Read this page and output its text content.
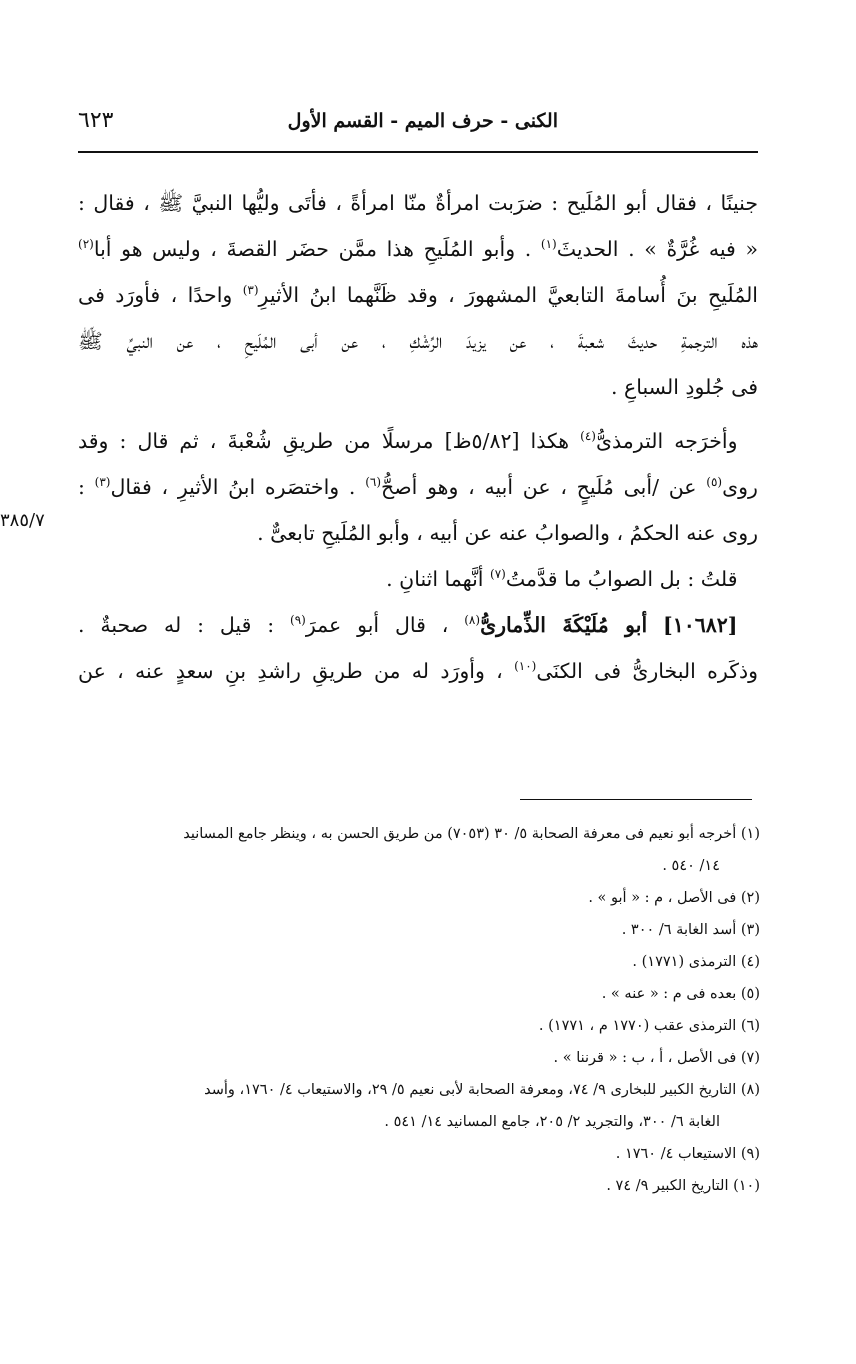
الكنى - حرف الميم - القسم الأول
٦٢٣

جنينًا ، فقال أبو المُلَيح : ضرَبت امرأةٌ منّا امرأةً ، فأتَى وليُّها النبيَّ ﷺ ، فقال :
« فيه غُرَّةٌ » . الحديثَ$^{(١)}$ . وأبو المُلَيحِ هذا ممَّن حضَر القصةَ ، وليس هو أبا$^{(٢)}$
المُلَيحِ بنَ أُسامةَ التابعيَّ المشهورَ ، وقد ظَنَّهما ابنُ الأثيرِ$^{(٣)}$ واحدًا ، فأورَد فى
هذه الترجمةِ حديثَ شعبةَ ، عن يزيدَ الرِّشْكِ ، عن أبى المُلَيحِ ، عن النبيِّ ﷺ
فى جُلودِ السباعِ .

 وأخرَجه الترمذىُّ$^{(٤)}$ هكذا [٥/٨٢ظ] مرسلًا من طريقِ شُعْبةَ ، ثم قال : وقد
روى$^{(٥)}$ عن /أبى مُلَيحٍ ، عن أبيه ، وهو أصحُّ$^{(٦)}$ . واختصَره ابنُ الأثيرِ ، فقال$^{(٣)}$ :
روى عنه الحكمُ ، والصوابُ عنه عن أبيه ، وأبو المُلَيحِ تابعىٌّ .

 قلتُ : بل الصوابُ ما قدَّمتُ$^{(٧)}$ أنَّهما اثنانِ .

 [١٠٦٨٢] أبو مُلَيْكَةَ الذِّمارىُّ$^{(٨)}$ ، قال أبو عمرَ$^{(٩)}$ : قيل : له صحبةٌ .
وذكَره البخارىُّ فى الكنَى$^{(١٠)}$ ، وأورَد له من طريقِ راشدِ بنِ سعدٍ عنه ، عن

٣٨٥/٧
(١) أخرجه أبو نعيم فى معرفة الصحابة ٥/ ٣٠ (٧٠٥٣) من طريق الحسن به ، وينظر جامع المسانيد
١٤/ ٥٤٠ .
(٢) فى الأصل ، م : « أبو » .
(٣) أسد الغابة ٦/ ٣٠٠ .
(٤) الترمذى (١٧٧١) .
(٥) بعده فى م : « عنه » .
(٦) الترمذى عقب (١٧٧٠ م ، ١٧٧١) .
(٧) فى الأصل ، أ ، ب : « قرننا » .
(٨) التاريخ الكبير للبخارى ٩/ ٧٤، ومعرفة الصحابة لأبى نعيم ٥/ ٢٩، والاستيعاب ٤/ ١٧٦٠، وأسد
الغابة ٦/ ٣٠٠، والتجريد ٢/ ٢٠٥، جامع المسانيد ١٤/ ٥٤١ .
(٩) الاستيعاب ٤/ ١٧٦٠ .
(١٠) التاريخ الكبير ٩/ ٧٤ .
